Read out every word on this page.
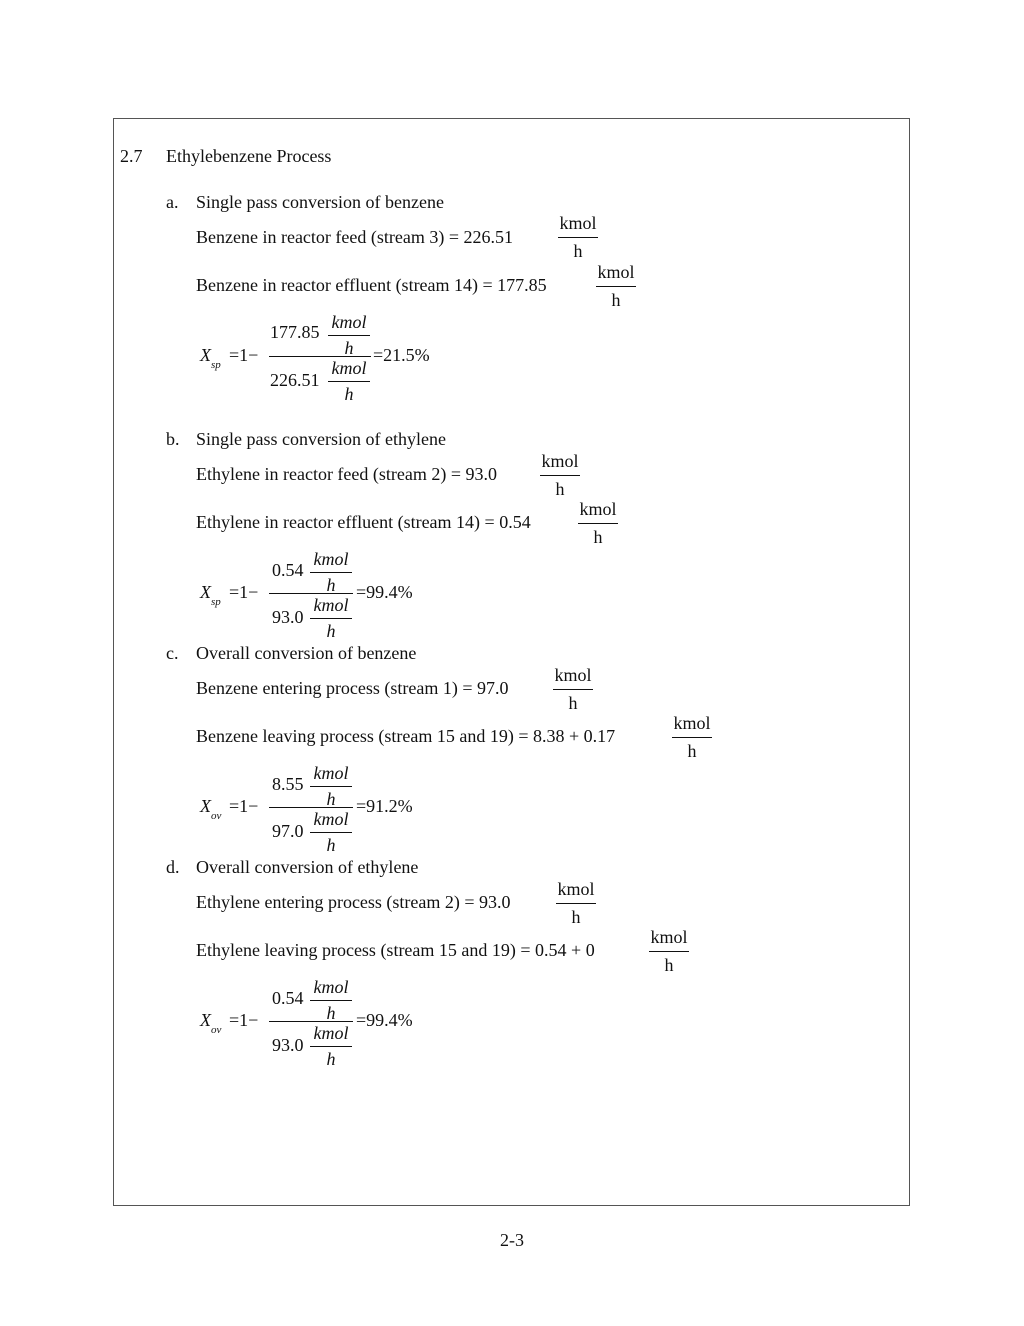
2.7 Ethylebenzene Process
a. Single pass conversion of benzene
Benzene in reactor feed (stream 3) = 226.51
kmol
h
Benzene in reactor effluent (stream 14) = 177.85
kmol
h
$X_{sp} =1-$
177.85 kmol
h
226.51
kmol
h
=21.5%
b. Single pass conversion of ethylene
Ethylene in reactor feed (stream 2) = 93.0
kmol
h
Ethylene in reactor effluent (stream 14) = 0.54
kmol
h
$X_{sp} =1-$
0.54
kmol
h
93.0
kmol
h
=99.4%
c. Overall conversion of benzene
Benzene entering process (stream 1) = 97.0
kmol
h
Benzene leaving process (stream 15 and 19) = 8.38 + 0.17
kmol
h
$X_{ov} =1-$
8.55
kmol
h
97.0
kmol
h
=91.2%
d. Overall conversion of ethylene
Ethylene entering process (stream 2) = 93.0
kmol
h
Ethylene leaving process (stream 15 and 19) = 0.54 + 0
kmol
h
$X_{ov} =1-$
0.54
kmol
h
93.0
kmol
h
=99.4%
2-3
